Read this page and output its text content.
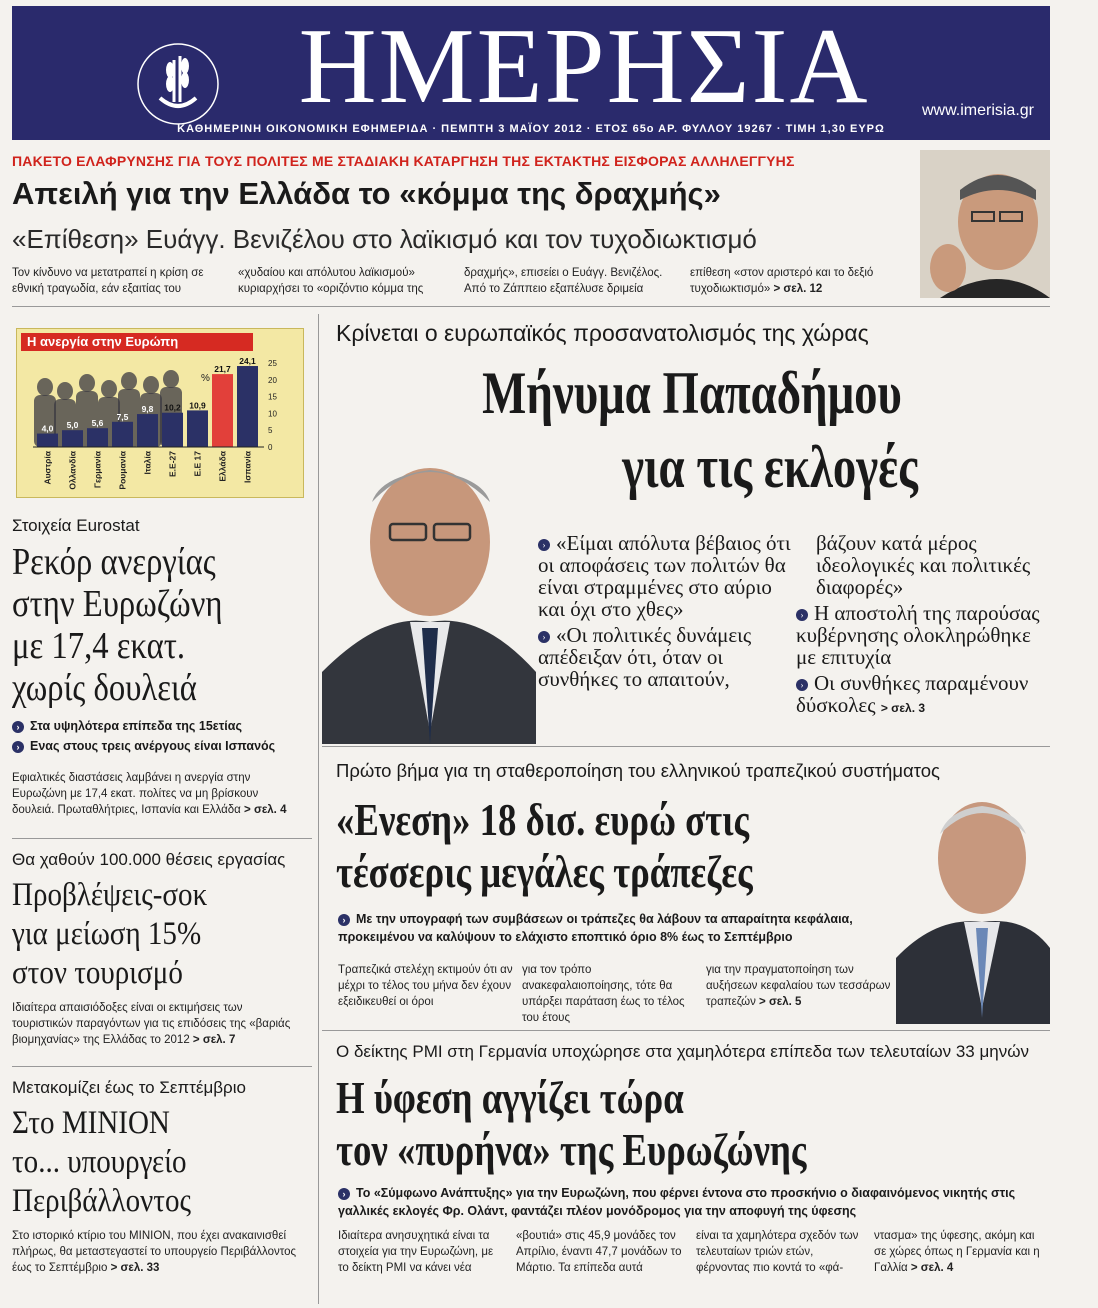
ΗΜΕΡΗΣΙΑ	www.imerisia.gr
ΚΑΘΗΜΕΡΙΝΗ ΟΙΚΟΝΟΜΙΚΗ ΕΦΗΜΕΡΙΔΑ · ΠΕΜΠΤΗ 3 ΜΑΪΟΥ 2012 · ΕΤΟΣ 65ο ΑΡ. ΦΥΛΛΟΥ 19267 · ΤΙΜΗ 1,30 ΕΥΡΩ
ΠΑΚΕΤΟ ΕΛΑΦΡΥΝΣΗΣ ΓΙΑ ΤΟΥΣ ΠΟΛΙΤΕΣ ΜΕ ΣΤΑΔΙΑΚΗ ΚΑΤΑΡΓΗΣΗ ΤΗΣ ΕΚΤΑΚΤΗΣ ΕΙΣΦΟΡΑΣ ΑΛΛΗΛΕΓΓΥΗΣ
Απειλή για την Ελλάδα το «κόμμα της δραχμής»
«Επίθεση» Ευάγγ. Βενιζέλου στο λαϊκισμό και τον τυχοδιωκτισμό
Τον κίνδυνο να μετατραπεί η κρίση σε εθνική τραγωδία, εάν εξαιτίας του
«χυδαίου και απόλυτου λαϊκισμού» κυριαρχήσει το «οριζόντιο κόμμα της
δραχμής», επισείει ο Ευάγγ. Βενιζέλος. Από το Ζάππειο εξαπέλυσε δριμεία
επίθεση «στον αριστερό και το δεξιό τυχοδιωκτισμό» > σελ. 12
Η ανεργία στην Ευρώπη
4,0
Αυστρία
5,0
Ολλανδία
5,6
Γερμανία
7,5
Ρουμανία
9,8
Ιταλία
10,2
Ε.Ε-27
10,9
Ε.Ε 17
21,7
Ελλάδα
24,1
Ισπανία
25
20
15
10
5
0
%
Στοιχεία Eurostat
Ρεκόρ ανεργίας
στην Ευρωζώνη
με 17,4 εκατ.
χωρίς δουλειά
› Στα υψηλότερα επίπεδα της 15ετίας
› Ενας στους τρεις ανέργους είναι Ισπανός
Εφιαλτικές διαστάσεις λαμβάνει η ανεργία στην Ευρωζώνη με 17,4 εκατ. πολίτες να μη βρίσκουν δουλειά. Πρωταθλήτριες, Ισπανία και Ελλάδα > σελ. 4
Θα χαθούν 100.000 θέσεις εργασίας
Προβλέψεις-σοκ
για μείωση 15%
στον τουρισμό
Ιδιαίτερα απαισιόδοξες είναι οι εκτιμήσεις των τουριστικών παραγόντων για τις επιδόσεις της «βαριάς βιομηχανίας» της Ελλάδας το 2012 > σελ. 7
Μετακομίζει έως το Σεπτέμβριο
Στο ΜΙΝΙΟΝ
το... υπουργείο
Περιβάλλοντος
Στο ιστορικό κτίριο του ΜΙΝΙΟΝ, που έχει ανακαινισθεί πλήρως, θα μεταστεγαστεί το υπουργείο Περιβάλλοντος έως το Σεπτέμβριο > σελ. 33
Κρίνεται ο ευρωπαϊκός προσανατολισμός της χώρας
Μήνυμα Παπαδήμου
για τις εκλογές
› «Είμαι απόλυτα βέβαιος ότι οι αποφάσεις των πολιτών θα είναι στραμμένες στο αύριο και όχι στο χθες»
› «Οι πολιτικές δυνάμεις απέδειξαν ότι, όταν οι συνθήκες το απαιτούν,
βάζουν κατά μέρος ιδεολογικές και πολιτικές διαφορές»
› Η αποστολή της παρούσας κυβέρνησης ολοκληρώθηκε με επιτυχία
› Οι συνθήκες παραμένουν δύσκολες > σελ. 3
Πρώτο βήμα για τη σταθεροποίηση του ελληνικού τραπεζικού συστήματος
«Ενεση» 18 δισ. ευρώ στις
τέσσερις μεγάλες τράπεζες
› Με την υπογραφή των συμβάσεων οι τράπεζες θα λάβουν τα απαραίτητα κεφάλαια, προκειμένου να καλύψουν το ελάχιστο εποπτικό όριο 8% έως το Σεπτέμβριο
Τραπεζικά στελέχη εκτιμούν ότι αν μέχρι το τέλος του μήνα δεν έχουν εξειδικευθεί οι όροι
για τον τρόπο ανακεφαλαιοποίησης, τότε θα υπάρξει παράταση έως το τέλος του έτους
για την πραγματοποίηση των αυξήσεων κεφαλαίου των τεσσάρων τραπεζών > σελ. 5
Ο δείκτης PMI στη Γερμανία υποχώρησε στα χαμηλότερα επίπεδα των τελευταίων 33 μηνών
Η ύφεση αγγίζει τώρα
τον «πυρήνα» της Ευρωζώνης
› Το «Σύμφωνο Ανάπτυξης» για την Ευρωζώνη, που φέρνει έντονα στο προσκήνιο ο διαφαινόμενος νικητής στις γαλλικές εκλογές Φρ. Ολάντ, φαντάζει πλέον μονόδρομος για την αποφυγή της ύφεσης
Ιδιαίτερα ανησυχητικά είναι τα στοιχεία για την Ευρωζώνη, με το δείκτη PMI να κάνει νέα
«βουτιά» στις 45,9 μονάδες τον Απρίλιο, έναντι 47,7 μονάδων το Μάρτιο. Τα επίπεδα αυτά
είναι τα χαμηλότερα σχεδόν των τελευταίων τριών ετών, φέρνοντας πιο κοντά το «φά-
ντασμα» της ύφεσης, ακόμη και σε χώρες όπως η Γερμανία και η Γαλλία > σελ. 4
